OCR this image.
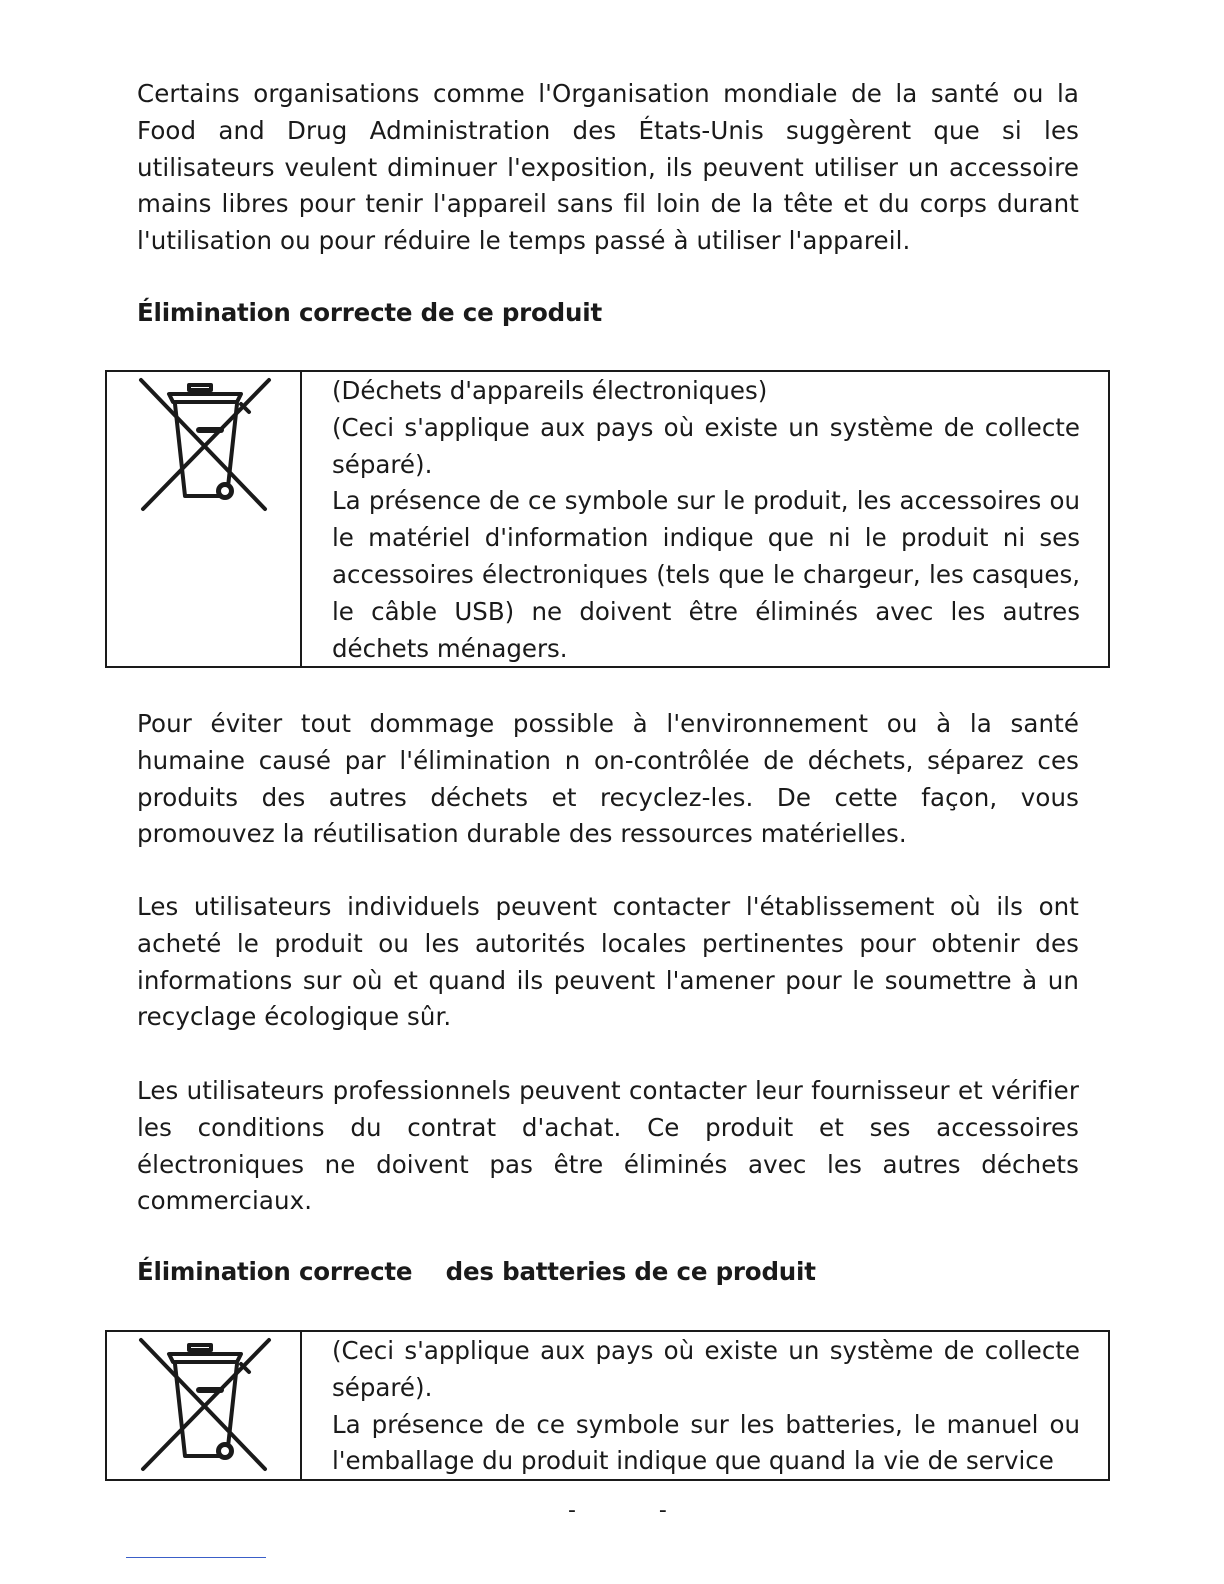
Certains organisations comme l'Organisation mondiale de la santé ou la Food and Drug Administration des États-Unis suggèrent que si les utilisateurs veulent diminuer l'exposition, ils peuvent utiliser un accessoire mains libres pour tenir l'appareil sans fil loin de la tête et du corps durant l'utilisation ou pour réduire le temps passé à utiliser l'appareil.

Élimination correcte de ce produit

(Déchets d'appareils électroniques)

(Ceci s'applique aux pays où existe un système de collecte séparé).

La présence de ce symbole sur le produit, les accessoires ou le matériel d'information indique que ni le produit ni ses accessoires électroniques (tels que le chargeur, les casques, le câble USB) ne doivent être éliminés avec les autres déchets ménagers.

Pour éviter tout dommage possible à l'environnement ou à la santé humaine causé par l'élimination n on-contrôlée de déchets, séparez ces produits des autres déchets et recyclez-les. De cette façon, vous promouvez la réutilisation durable des ressources matérielles.

Les utilisateurs individuels peuvent contacter l'établissement où ils ont acheté le produit ou les autorités locales pertinentes pour obtenir des informations sur où et quand ils peuvent l'amener pour le soumettre à un recyclage écologique sûr.

Les utilisateurs professionnels peuvent contacter leur fournisseur et vérifier les conditions du contrat d'achat. Ce produit et ses accessoires électroniques ne doivent pas être éliminés avec les autres déchets commerciaux.

Élimination correcte    des batteries de ce produit

(Ceci s'applique aux pays où existe un système de collecte séparé).

La présence de ce symbole sur les batteries, le manuel ou l'emballage du produit indique que quand la vie de service

- -
